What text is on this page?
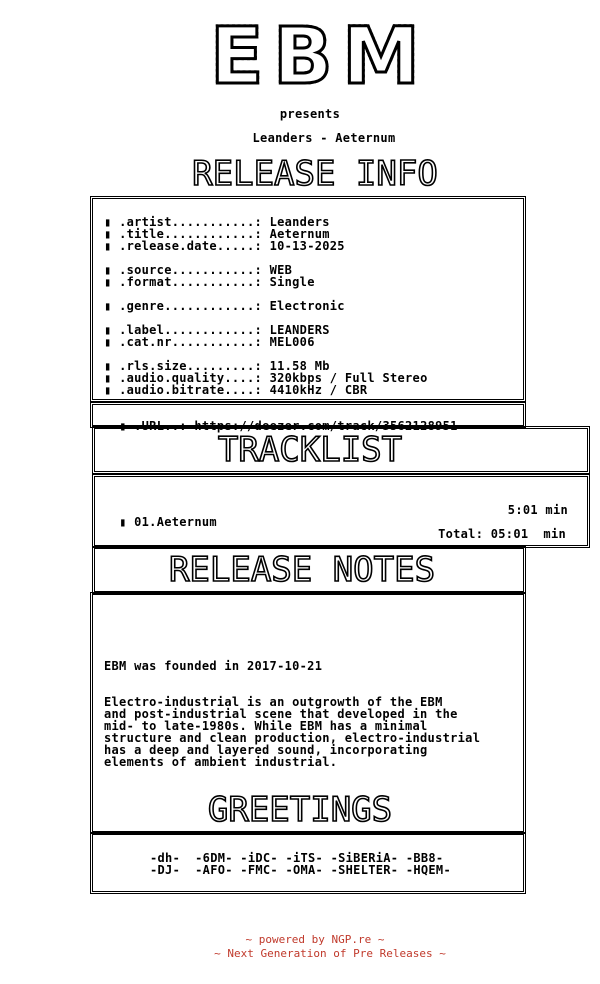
E B M
presents
Leanders - Aeternum
RELEASE INFO
▮ .artist...........: Leanders
▮ .title............: Aeternum
▮ .release.date.....: 10-13-2025
▮ .source...........: WEB
▮ .format...........: Single
▮ .genre............: Electronic
▮ .label............: LEANDERS
▮ .cat.nr...........: MEL006
▮ .rls.size.........: 11.58 Mb
▮ .audio.quality....: 320kbps / Full Stereo
▮ .audio.bitrate....: 4410kHz / CBR

▮ .URL..: https://deezer.com/track/3562128951

TRACKLIST

▮ 01.Aeternum

5:01 min

Total: 05:01  min
RELEASE NOTES
EBM was founded in 2017-10-21
Electro-industrial is an outgrowth of the EBM
and post-industrial scene that developed in the
mid- to late-1980s. While EBM has a minimal
structure and clean production, electro-industrial
has a deep and layered sound, incorporating
elements of ambient industrial.
GREETINGS
-dh-  -6DM- -iDC- -iTS- -SiBERiA- -BB8-
-DJ-  -AFO- -FMC- -OMA- -SHELTER- -HQEM-
~ powered by NGP.re ~
~ Next Generation of Pre Releases ~
